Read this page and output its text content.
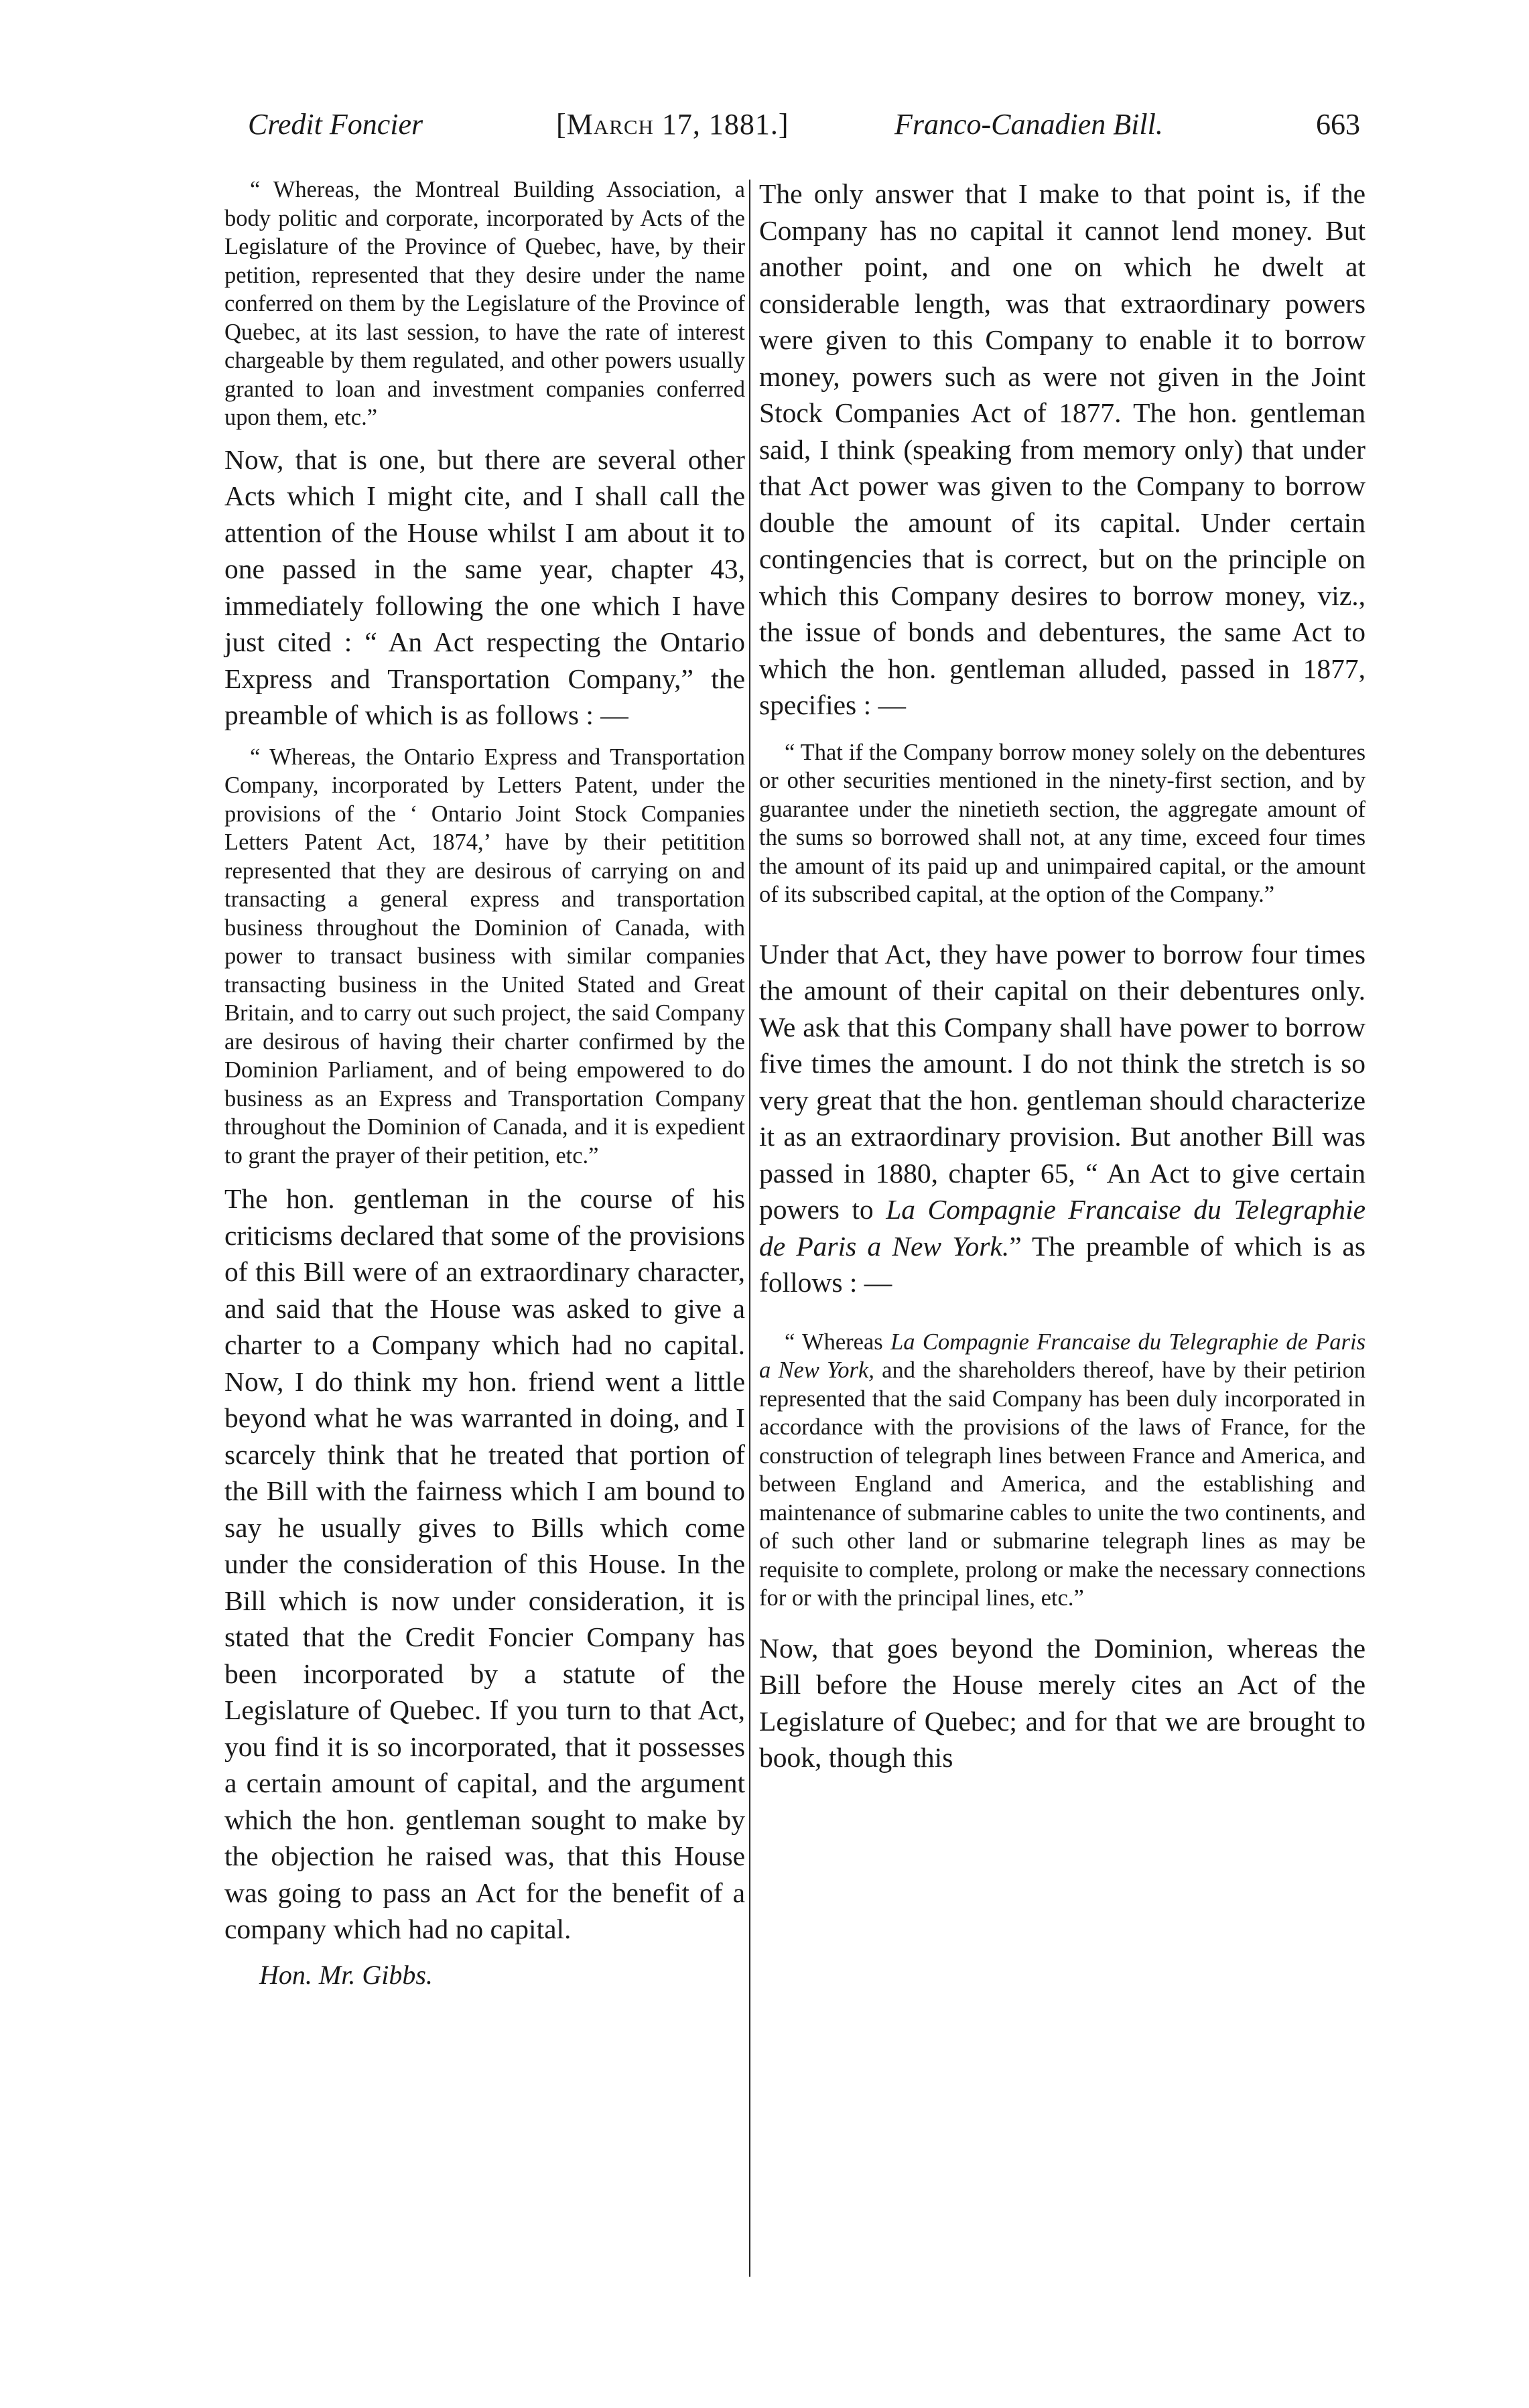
Credit Foncier	[March 17, 1881.]	Franco-Canadien Bill.	663

“ Whereas, the Montreal Building Association, a body politic and corporate, incorporated by Acts of the Legislature of the Province of Quebec, have, by their petition, represented that they desire under the name conferred on them by the Legislature of the Province of Quebec, at its last session, to have the rate of interest chargeable by them regulated, and other powers usually granted to loan and investment companies conferred upon them, etc.”

Now, that is one, but there are several other Acts which I might cite, and I shall call the attention of the House whilst I am about it to one passed in the same year, chapter 43, immediately following the one which I have just cited : “ An Act respecting the Ontario Express and Transportation Company,” the preamble of which is as follows : —

“ Whereas, the Ontario Express and Transportation Company, incorporated by Letters Patent, under the provisions of the ‘ Ontario Joint Stock Companies Letters Patent Act, 1874,’ have by their petitition represented that they are desirous of carrying on and transacting a general express and transportation business throughout the Dominion of Canada, with power to transact business with similar companies transacting business in the United Stated and Great Britain, and to carry out such project, the said Company are desirous of having their charter confirmed by the Dominion Parliament, and of being empowered to do business as an Express and Transportation Company throughout the Dominion of Canada, and it is expedient to grant the prayer of their petition, etc.”

The hon. gentleman in the course of his criticisms declared that some of the provisions of this Bill were of an extraordinary character, and said that the House was asked to give a charter to a Company which had no capital. Now, I do think my hon. friend went a little beyond what he was warranted in doing, and I scarcely think that he treated that portion of the Bill with the fairness which I am bound to say he usually gives to Bills which come under the consideration of this House. In the Bill which is now under consideration, it is stated that the Credit Foncier Company has been incorporated by a statute of the Legislature of Quebec. If you turn to that Act, you find it is so incorporated, that it possesses a certain amount of capital, and the argument which the hon. gentleman sought to make by the objection he raised was, that this House was going to pass an Act for the benefit of a company which had no capital.

Hon. Mr. Gibbs.

The only answer that I make to that point is, if the Company has no capital it cannot lend money. But another point, and one on which he dwelt at considerable length, was that extraordinary powers were given to this Company to enable it to borrow money, powers such as were not given in the Joint Stock Companies Act of 1877. The hon. gentleman said, I think (speaking from memory only) that under that Act power was given to the Company to borrow double the amount of its capital. Under certain contingencies that is correct, but on the principle on which this Company desires to borrow money, viz., the issue of bonds and debentures, the same Act to which the hon. gentleman alluded, passed in 1877, specifies : —

“ That if the Company borrow money solely on the debentures or other securities mentioned in the ninety-first section, and by guarantee under the ninetieth section, the aggregate amount of the sums so borrowed shall not, at any time, exceed four times the amount of its paid up and unimpaired capital, or the amount of its subscribed capital, at the option of the Company.”

Under that Act, they have power to borrow four times the amount of their capital on their debentures only. We ask that this Company shall have power to borrow five times the amount. I do not think the stretch is so very great that the hon. gentleman should characterize it as an extraordinary provision. But another Bill was passed in 1880, chapter 65, “ An Act to give certain powers to La Compagnie Francaise du Telegraphie de Paris a New York.” The preamble of which is as follows : —

“ Whereas La Compagnie Francaise du Telegraphie de Paris a New York, and the shareholders thereof, have by their petirion represented that the said Company has been duly incorporated in accordance with the provisions of the laws of France, for the construction of telegraph lines between France and America, and between England and America, and the establishing and maintenance of submarine cables to unite the two continents, and of such other land or submarine telegraph lines as may be requisite to complete, prolong or make the necessary connections for or with the principal lines, etc.”

Now, that goes beyond the Dominion, whereas the Bill before the House merely cites an Act of the Legislature of Quebec; and for that we are brought to book, though this
